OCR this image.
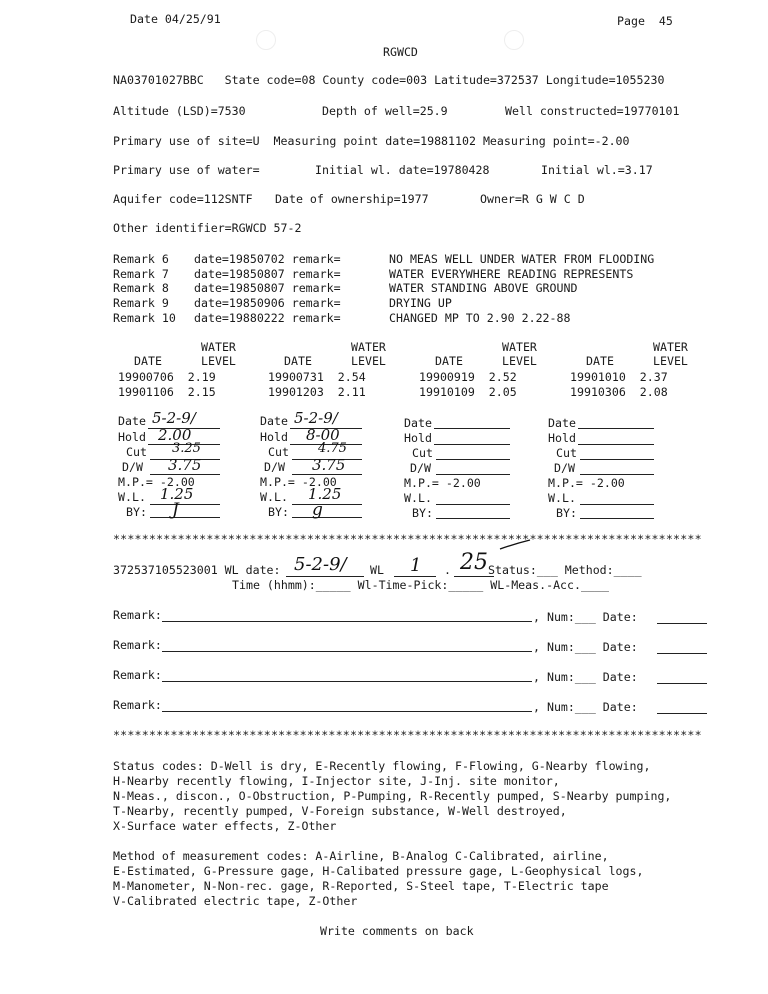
Date 04/25/91	Page  45
RGWCD
NA03701027BBC   State code=08 County code=003 Latitude=372537 Longitude=1055230
Altitude (LSD)=7530	Depth of well=25.9	Well constructed=19770101
Primary use of site=U  Measuring point date=19881102 Measuring point=-2.00
Primary use of water=	Initial wl. date=19780428	Initial wl.=3.17
Aquifer code=112SNTF Date of ownership=1977	Owner=R G W C D
Other identifier=RGWCD 57-2
Remark 6 date=19850702 remark=	NO MEAS WELL UNDER WATER FROM FLOODING
Remark 7 date=19850807 remark=	WATER EVERYWHERE READING REPRESENTS
Remark 8 date=19850807 remark=	WATER STANDING ABOVE GROUND
Remark 9 date=19850906 remark=	DRYING UP
Remark 10 date=19880222 remark=	CHANGED MP TO 2.90 2.22-88
WATER	WATER	WATER	WATER
DATE	LEVEL	DATE	LEVEL	DATE	LEVEL	DATE	LEVEL
19900706  2.19	19900731  2.54	19900919  2.52	19901010  2.37
19901106  2.15	19901203  2.11	19910109  2.05	19910306  2.08
Date 5-2-9/
Hold 2.00
Cut 3.25
D/W 3.75
M.P.= -2.00
W.L. 1.25
BY: J
Date 5-2-9/
Hold 8-00
Cut 4.75
D/W 3.75
M.P.= -2.00
W.L. 1.25
BY: g
Date
Hold
Cut
D/W
M.P.= -2.00
W.L.
BY:
Date
Hold
Cut
D/W
M.P.= -2.00
W.L.
BY:
**********************************************************************************
372537105523001 WL date: 5-2-9/ WL 1 . 25 Status:___ Method:____
Time (hhmm):_____ Wl-Time-Pick:_____ WL-Meas.-Acc.____
Remark:	, Num:___ Date:
Remark:	, Num:___ Date:
Remark:	, Num:___ Date:
Remark:	, Num:___ Date:
**********************************************************************************
Status codes: D-Well is dry, E-Recently flowing, F-Flowing, G-Nearby flowing,
H-Nearby recently flowing, I-Injector site, J-Inj. site monitor,
N-Meas., discon., O-Obstruction, P-Pumping, R-Recently pumped, S-Nearby pumping,
T-Nearby, recently pumped, V-Foreign substance, W-Well destroyed,
X-Surface water effects, Z-Other
Method of measurement codes: A-Airline, B-Analog C-Calibrated, airline,
E-Estimated, G-Pressure gage, H-Calibated pressure gage, L-Geophysical logs,
M-Manometer, N-Non-rec. gage, R-Reported, S-Steel tape, T-Electric tape
V-Calibrated electric tape, Z-Other
Write comments on back
